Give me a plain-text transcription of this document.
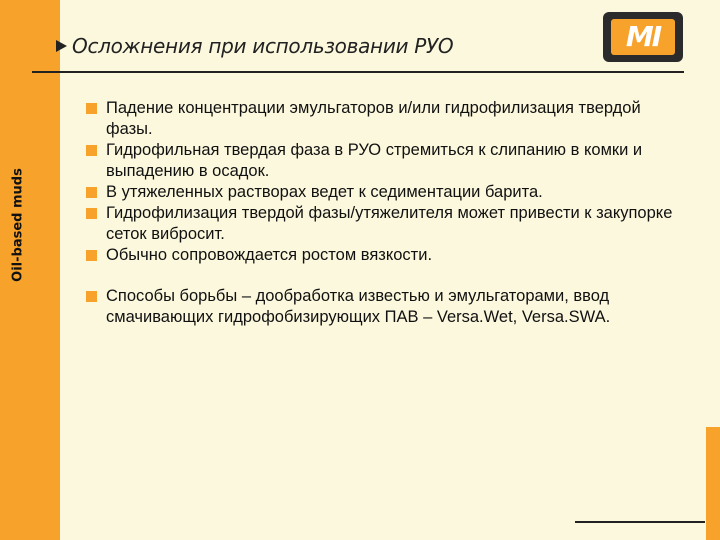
Oil-based muds
Осложнения при использовании РУО	MI
Падение концентрации эмульгаторов и/или гидрофилизация твердой фазы.
Гидрофильная твердая фаза в РУО стремиться к слипанию в комки и выпадению в осадок.
В утяжеленных растворах ведет к седиментации барита.
Гидрофилизация твердой фазы/утяжелителя может привести к закупорке сеток вибросит.
Обычно сопровождается ростом вязкости.
Способы борьбы – дообработка известью и эмульгаторами, ввод смачивающих гидрофобизирующих ПАВ – Versa.Wet, Versa.SWA.
